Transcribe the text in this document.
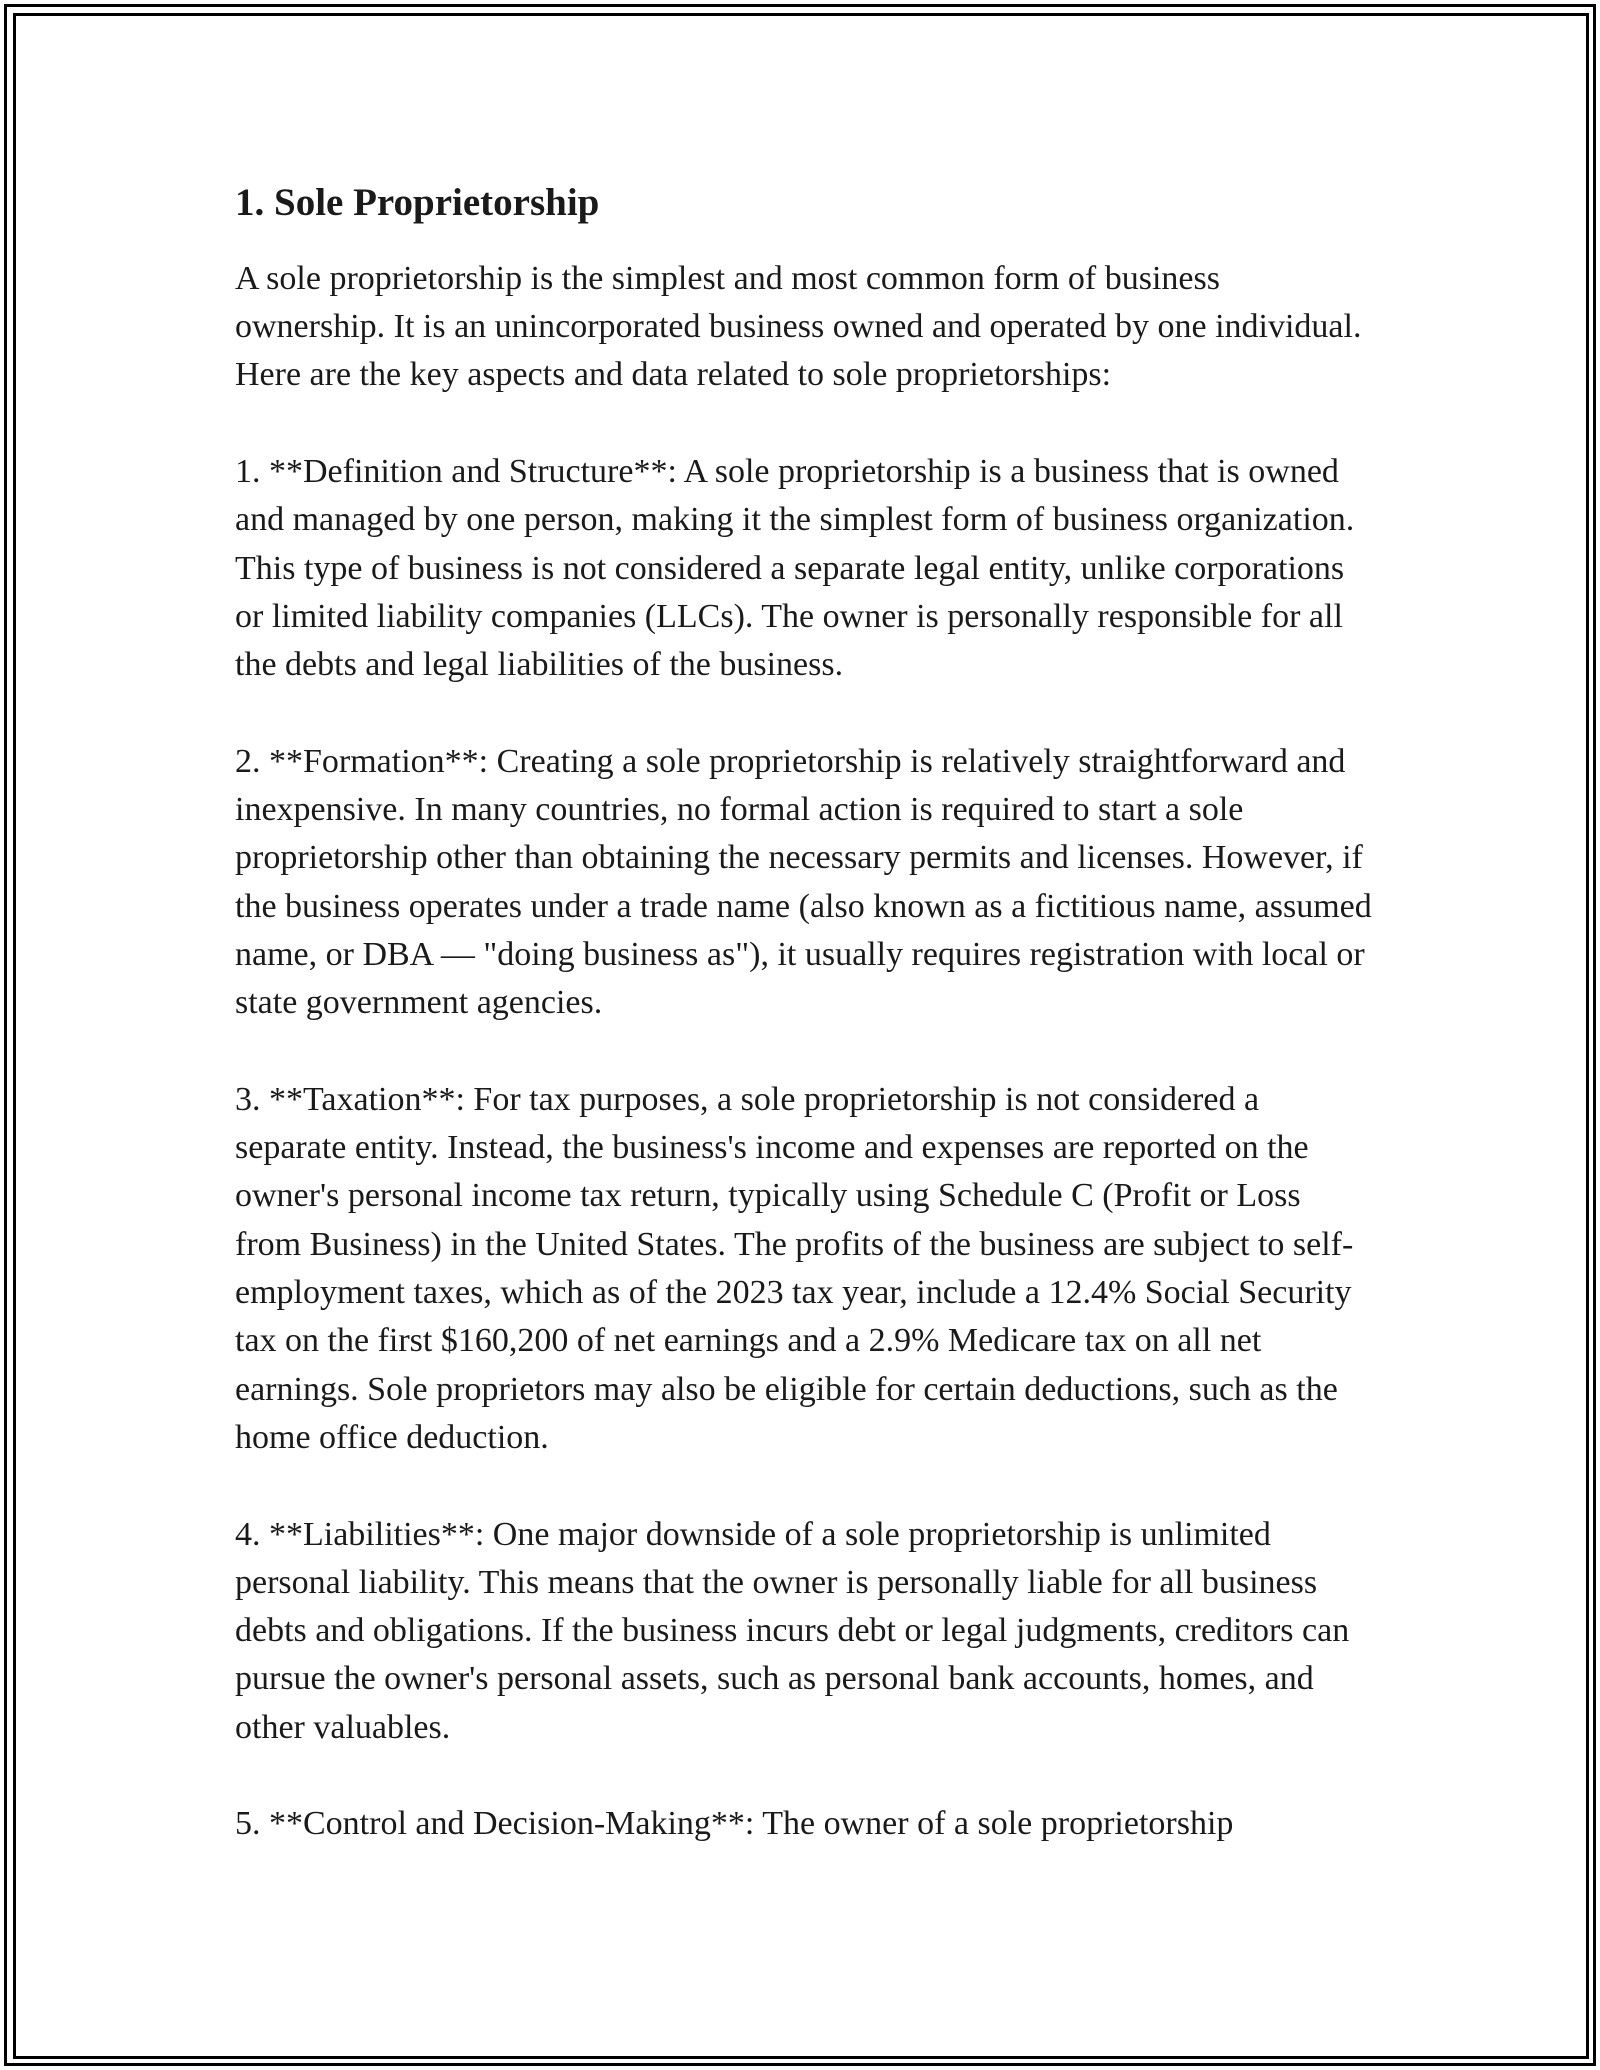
1. Sole Proprietorship

A sole proprietorship is the simplest and most common form of business ownership. It is an unincorporated business owned and operated by one individual. Here are the key aspects and data related to sole proprietorships:

1. **Definition and Structure**: A sole proprietorship is a business that is owned and managed by one person, making it the simplest form of business organization. This type of business is not considered a separate legal entity, unlike corporations or limited liability companies (LLCs). The owner is personally responsible for all the debts and legal liabilities of the business.

2. **Formation**: Creating a sole proprietorship is relatively straightforward and inexpensive. In many countries, no formal action is required to start a sole proprietorship other than obtaining the necessary permits and licenses. However, if the business operates under a trade name (also known as a fictitious name, assumed name, or DBA — "doing business as"), it usually requires registration with local or state government agencies.

3. **Taxation**: For tax purposes, a sole proprietorship is not considered a separate entity. Instead, the business's income and expenses are reported on the owner's personal income tax return, typically using Schedule C (Profit or Loss from Business) in the United States. The profits of the business are subject to self-employment taxes, which as of the 2023 tax year, include a 12.4% Social Security tax on the first $160,200 of net earnings and a 2.9% Medicare tax on all net earnings. Sole proprietors may also be eligible for certain deductions, such as the home office deduction.

4. **Liabilities**: One major downside of a sole proprietorship is unlimited personal liability. This means that the owner is personally liable for all business debts and obligations. If the business incurs debt or legal judgments, creditors can pursue the owner's personal assets, such as personal bank accounts, homes, and other valuables.

5. **Control and Decision-Making**: The owner of a sole proprietorship
